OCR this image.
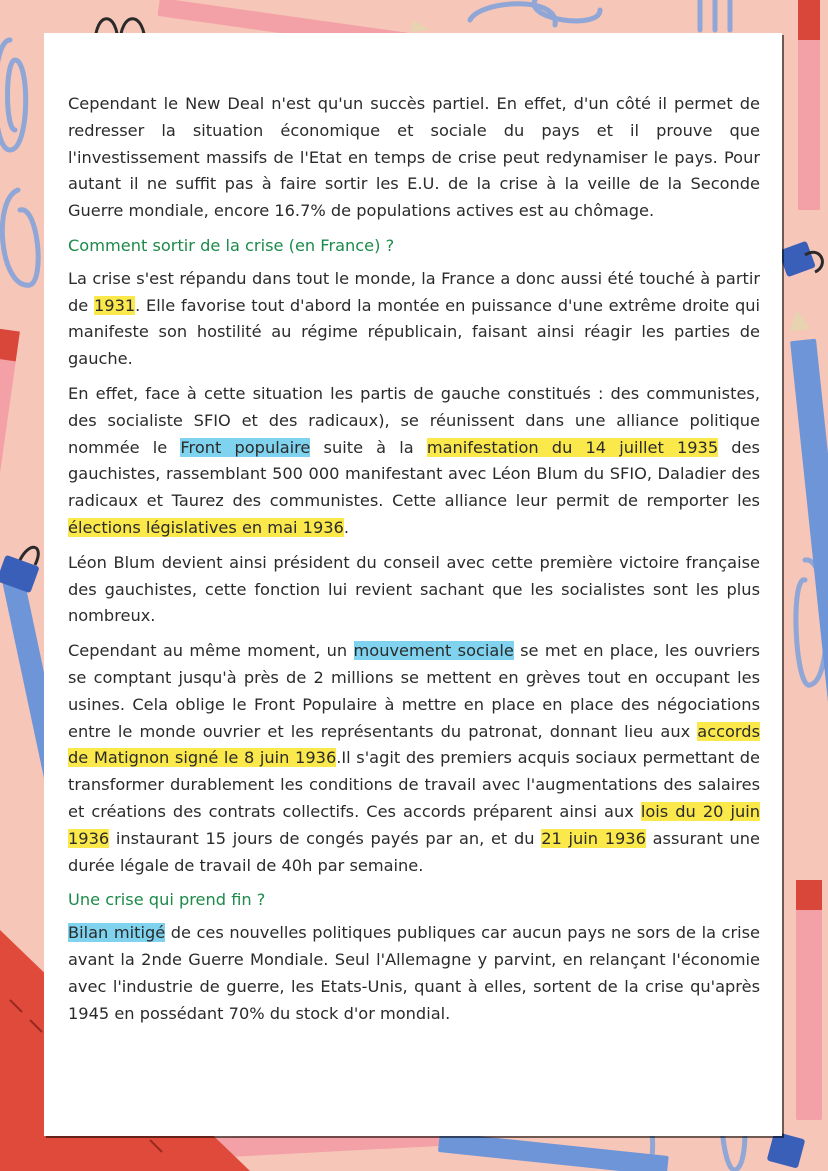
Cependant le New Deal n'est qu'un succès partiel. En effet, d'un côté il permet de redresser la situation économique et sociale du pays et il prouve que l'investissement massifs de l'Etat en temps de crise peut redynamiser le pays. Pour autant il ne suffit pas à faire sortir les E.U. de la crise à la veille de la Seconde Guerre mondiale, encore 16.7% de populations actives est au chômage.

Comment sortir de la crise (en France) ?

La crise s'est répandu dans tout le monde, la France a donc aussi été touché à partir de 1931. Elle favorise tout d'abord la montée en puissance d'une extrême droite qui manifeste son hostilité au régime républicain, faisant ainsi réagir les parties de gauche.

En effet, face à cette situation les partis de gauche constitués : des communistes, des socialiste SFIO et des radicaux), se réunissent dans une alliance politique nommée le Front populaire suite à la manifestation du 14 juillet 1935 des gauchistes, rassemblant 500 000 manifestant avec Léon Blum du SFIO, Daladier des radicaux et Taurez des communistes. Cette alliance leur permit de remporter les élections législatives en mai 1936.

Léon Blum devient ainsi président du conseil avec cette première victoire française des gauchistes, cette fonction lui revient sachant que les socialistes sont les plus nombreux.

Cependant au même moment, un mouvement sociale se met en place, les ouvriers se comptant jusqu'à près de 2 millions se mettent en grèves tout en occupant les usines. Cela oblige le Front Populaire à mettre en place en place des négociations entre le monde ouvrier et les représentants du patronat, donnant lieu aux accords de Matignon signé le 8 juin 1936.Il s'agit des premiers acquis sociaux permettant de transformer durablement les conditions de travail avec l'augmentations des salaires et créations des contrats collectifs. Ces accords préparent ainsi aux lois du 20 juin 1936 instaurant 15 jours de congés payés par an, et du 21 juin 1936 assurant une durée légale de travail de 40h par semaine.

Une crise qui prend fin ?

Bilan mitigé de ces nouvelles politiques publiques car aucun pays ne sors de la crise avant la 2nde Guerre Mondiale. Seul l'Allemagne y parvint, en relançant l'économie avec l'industrie de guerre, les Etats-Unis, quant à elles, sortent de la crise qu'après 1945 en possédant 70% du stock d'or mondial.
